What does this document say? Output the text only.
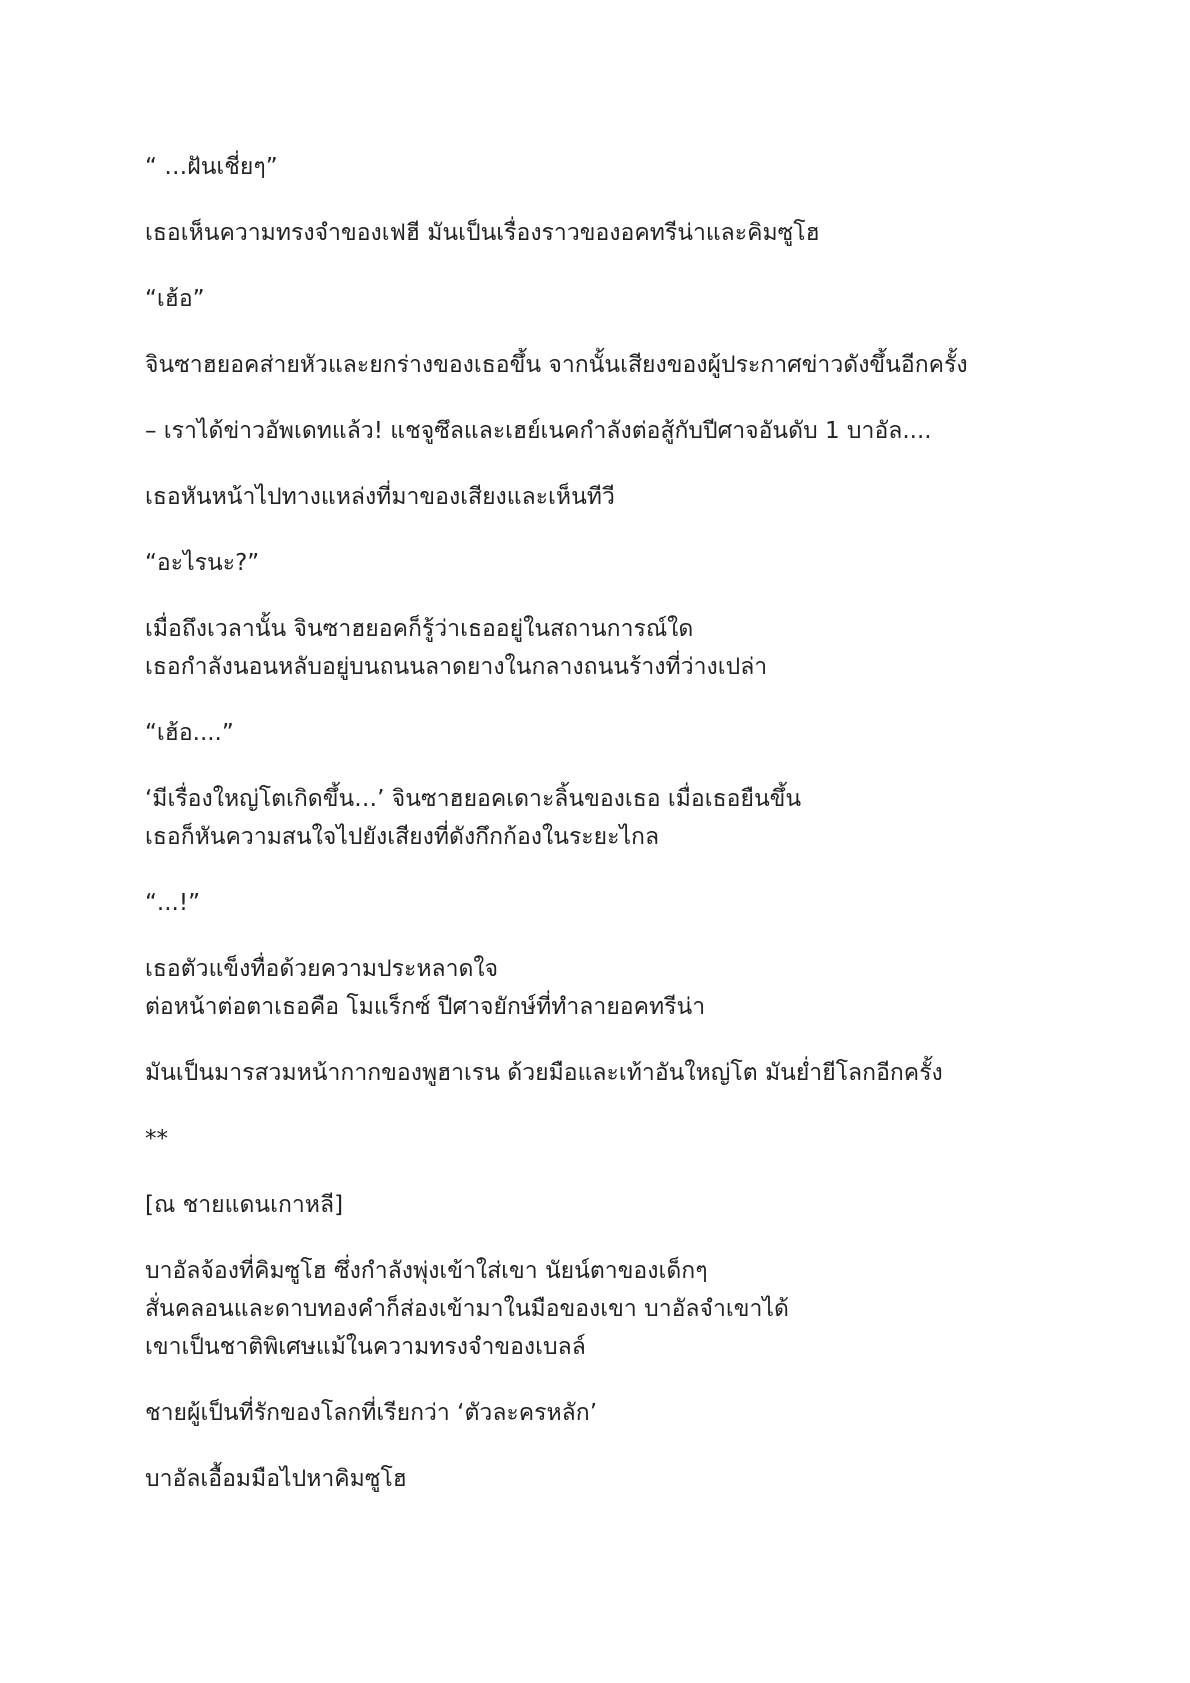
“ …ฝันเชี่ยๆ”

เธอเห็นความทรงจำของเฟฮี มันเป็นเรื่องราวของอคทรีน่าและคิมซูโฮ

“เฮ้อ”

จินซาฮยอคส่ายหัวและยกร่างของเธอขึ้น จากนั้นเสียงของผู้ประกาศข่าวดังขึ้นอีกครั้ง

– เราได้ข่าวอัพเดทแล้ว! แชจูซึลและเฮย์เนคกำลังต่อสู้กับปีศาจอันดับ 1 บาอัล....

เธอหันหน้าไปทางแหล่งที่มาของเสียงและเห็นทีวี

“อะไรนะ?”

เมื่อถึงเวลานั้น จินซาฮยอคก็รู้ว่าเธออยู่ในสถานการณ์ใด
เธอกำลังนอนหลับอยู่บนถนนลาดยางในกลางถนนร้างที่ว่างเปล่า

“เฮ้อ....”

‘มีเรื่องใหญ่โตเกิดขึ้น…’ จินซาฮยอคเดาะลิ้นของเธอ เมื่อเธอยืนขึ้น
เธอก็หันความสนใจไปยังเสียงที่ดังกึกก้องในระยะไกล

“...!”

เธอตัวแข็งทื่อด้วยความประหลาดใจ
ต่อหน้าต่อตาเธอคือ โมแร็กซ์ ปีศาจยักษ์ที่ทำลายอคทรีน่า

มันเป็นมารสวมหน้ากากของพูฮาเรน ด้วยมือและเท้าอันใหญ่โต มันย่ำยีโลกอีกครั้ง

**

[ณ ชายแดนเกาหลี]

บาอัลจ้องที่คิมซูโฮ ซึ่งกำลังพุ่งเข้าใส่เขา นัยน์ตาของเด็กๆ
สั่นคลอนและดาบทองคำก็ส่องเข้ามาในมือของเขา บาอัลจำเขาได้
เขาเป็นชาติพิเศษแม้ในความทรงจำของเบลล์

ชายผู้เป็นที่รักของโลกที่เรียกว่า ‘ตัวละครหลัก’

บาอัลเอื้อมมือไปหาคิมซูโฮ
